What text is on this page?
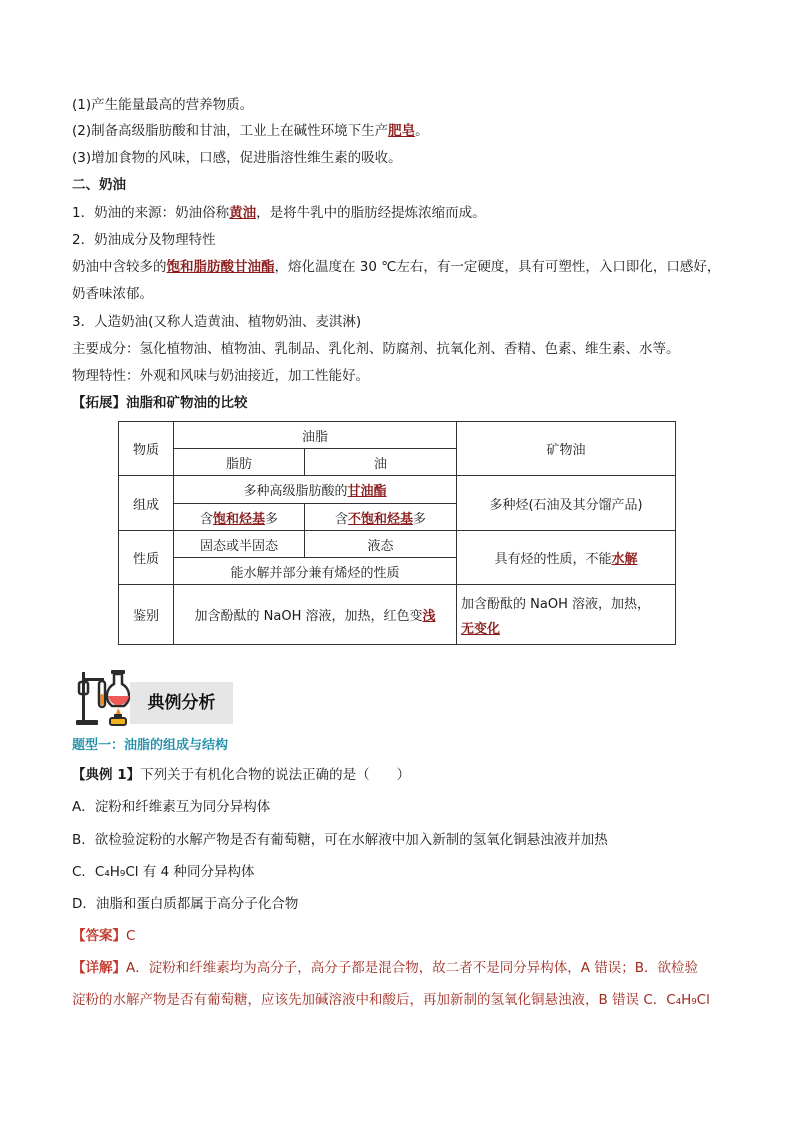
(1)产生能量最高的营养物质。
(2)制备高级脂肪酸和甘油，工业上在碱性环境下生产肥皂。
(3)增加食物的风味，口感，促进脂溶性维生素的吸收。
二、奶油
1．奶油的来源：奶油俗称黄油，是将牛乳中的脂肪经提炼浓缩而成。
2．奶油成分及物理特性
奶油中含较多的饱和脂肪酸甘油酯，熔化温度在 30 ℃左右，有一定硬度，具有可塑性，入口即化，口感好，
奶香味浓郁。
3．人造奶油(又称人造黄油、植物奶油、麦淇淋)
主要成分：氢化植物油、植物油、乳制品、乳化剂、防腐剂、抗氧化剂、香精、色素、维生素、水等。
物理特性：外观和风味与奶油接近，加工性能好。
【拓展】油脂和矿物油的比较
物质	油脂		矿物油
	脂肪	油	
组成	多种高级脂肪酸的甘油酯		多种烃(石油及其分馏产品)
	含饱和烃基多	含不饱和烃基多	
性质	固态或半固态	液态	具有烃的性质，不能水解
	能水解并部分兼有烯烃的性质		
鉴别	加含酚酞的 NaOH 溶液，加热，红色变浅		加含酚酞的 NaOH 溶液，加热，
无变化
典例分析
题型一：油脂的组成与结构
【典例 1】下列关于有机化合物的说法正确的是（　　）
A．淀粉和纤维素互为同分异构体
B．欲检验淀粉的水解产物是否有葡萄糖，可在水解液中加入新制的氢氧化铜悬浊液并加热
C．C₄H₉Cl 有 4 种同分异构体
D．油脂和蛋白质都属于高分子化合物
【答案】C
【详解】A．淀粉和纤维素均为高分子，高分子都是混合物，故二者不是同分异构体，A 错误；B．欲检验
淀粉的水解产物是否有葡萄糖，应该先加碱溶液中和酸后，再加新制的氢氧化铜悬浊液，B 错误 C．C₄H₉Cl
